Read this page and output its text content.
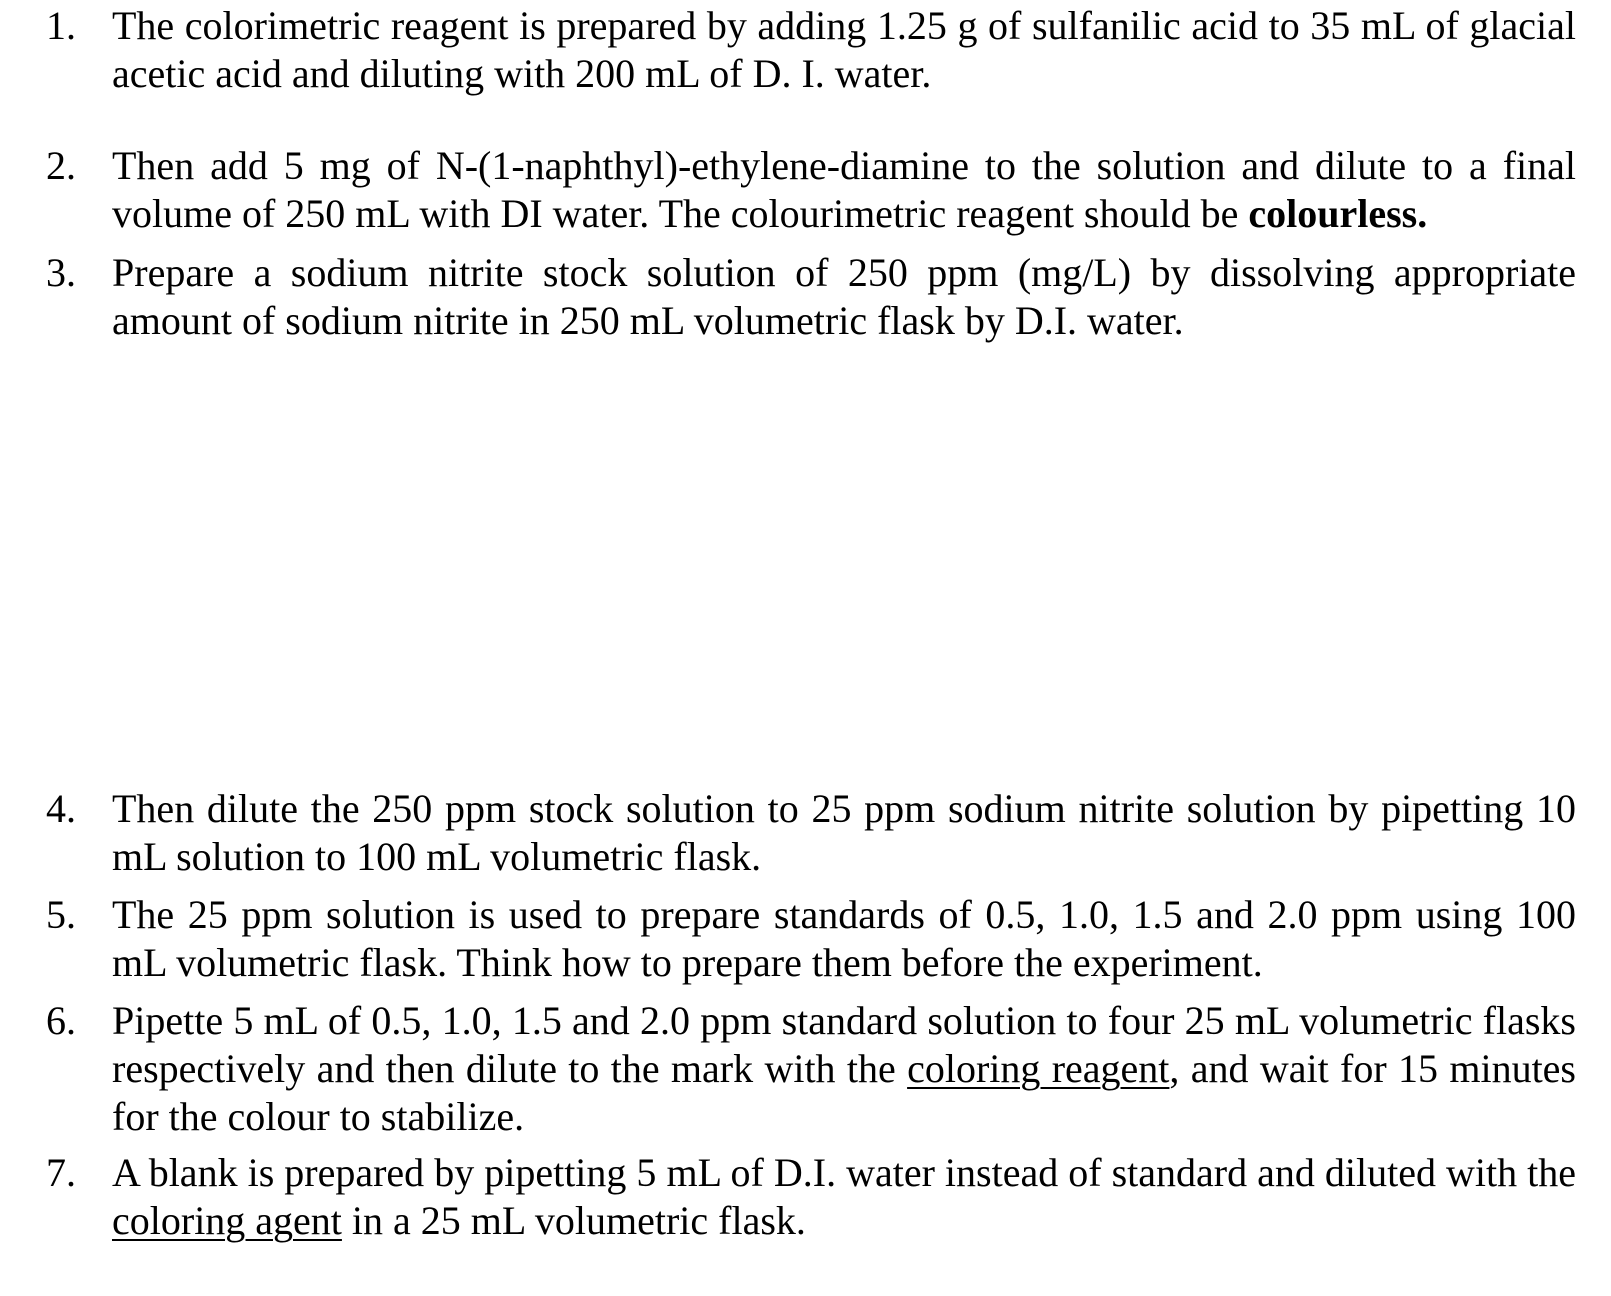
1. The colorimetric reagent is prepared by adding 1.25 g of sulfanilic acid to 35 mL of glacial acetic acid and diluting with 200 mL of D. I. water.
2. Then add 5 mg of N-(1-naphthyl)-ethylene-diamine to the solution and dilute to a final volume of 250 mL with DI water. The colourimetric reagent should be colourless.
3. Prepare a sodium nitrite stock solution of 250 ppm (mg/L) by dissolving appropriate amount of sodium nitrite in 250 mL volumetric flask by D.I. water.
4. Then dilute the 250 ppm stock solution to 25 ppm sodium nitrite solution by pipetting 10 mL solution to 100 mL volumetric flask.
5. The 25 ppm solution is used to prepare standards of 0.5, 1.0, 1.5 and 2.0 ppm using 100 mL volumetric flask. Think how to prepare them before the experiment.
6. Pipette 5 mL of 0.5, 1.0, 1.5 and 2.0 ppm standard solution to four 25 mL volumetric flasks respectively and then dilute to the mark with the coloring reagent, and wait for 15 minutes for the colour to stabilize.
7. A blank is prepared by pipetting 5 mL of D.I. water instead of standard and diluted with the coloring agent in a 25 mL volumetric flask.
